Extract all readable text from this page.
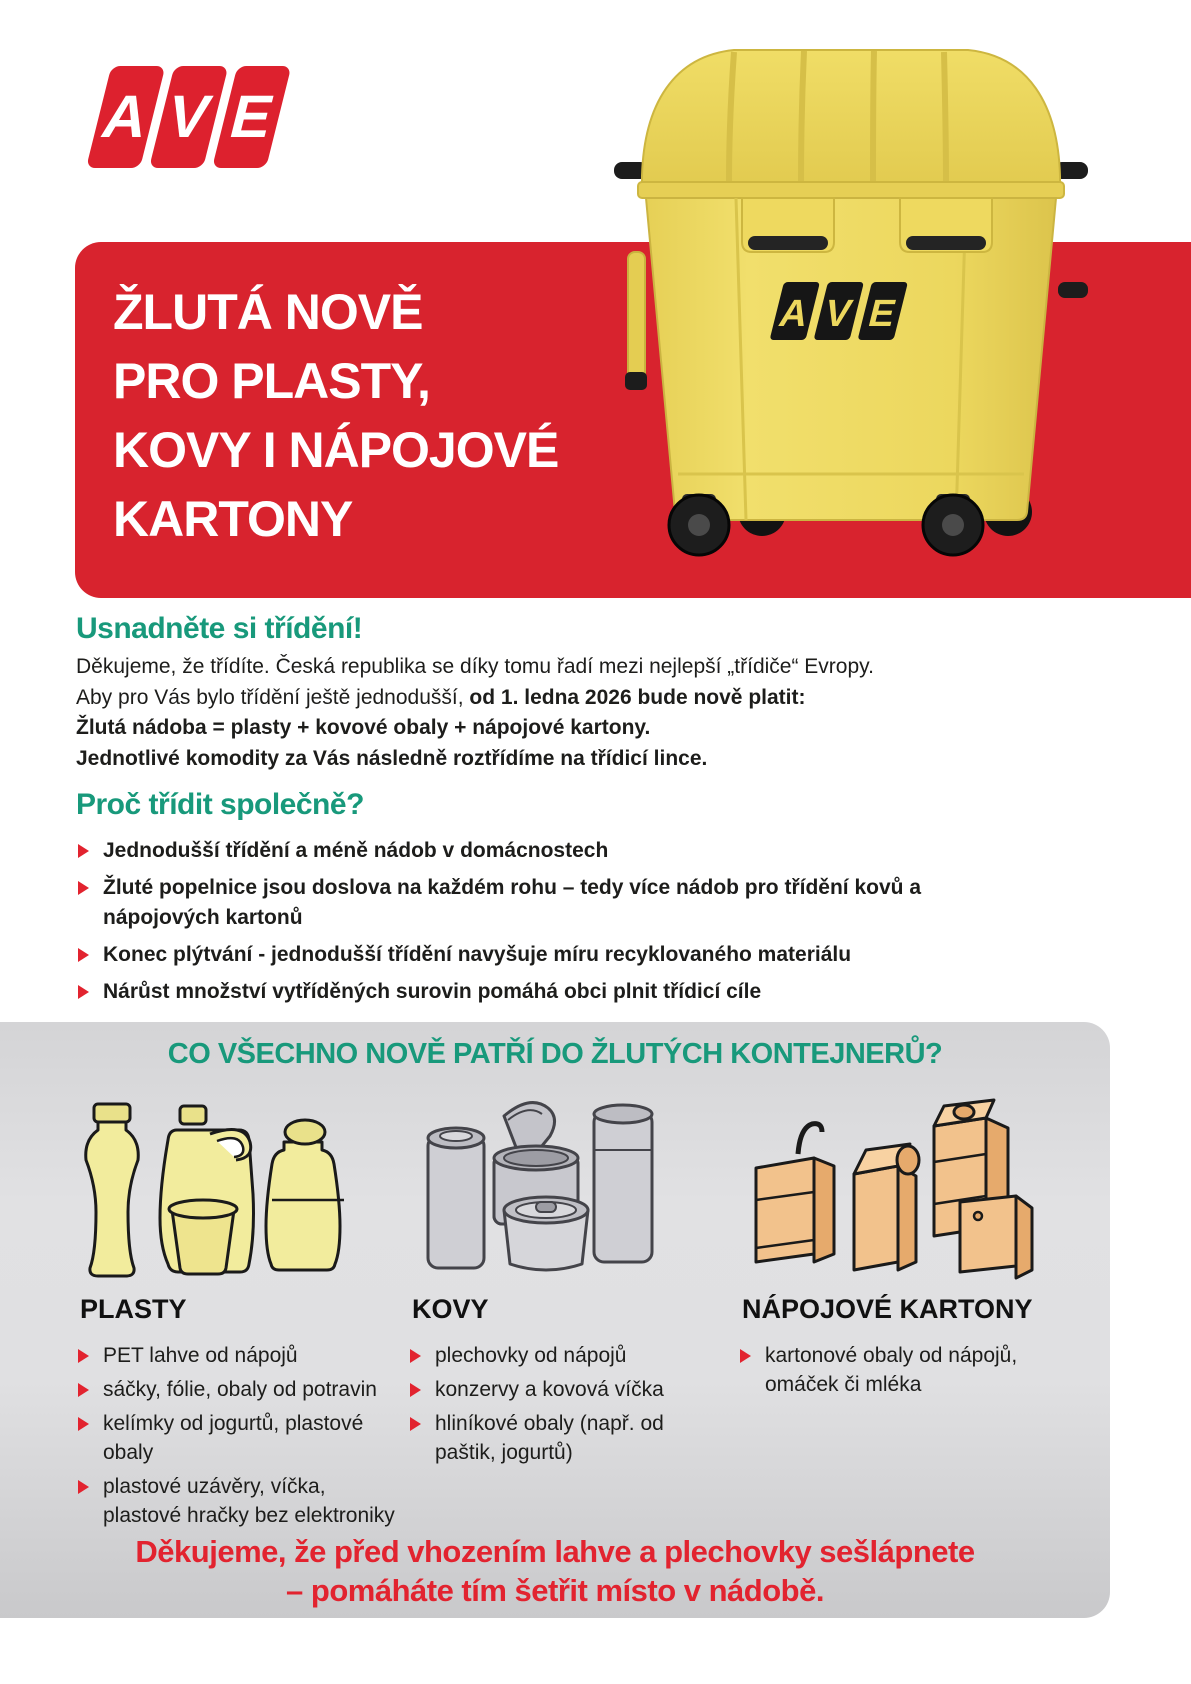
A V E
ŽLUTÁ NOVĚ
PRO PLASTY,
KOVY I NÁPOJOVÉ
KARTONY
A V E
Usnadněte si třídění!
Děkujeme, že třídíte. Česká republika se díky tomu řadí mezi nejlepší „třídiče“ Evropy.
Aby pro Vás bylo třídění ještě jednodušší, od 1. ledna 2026 bude nově platit:
Žlutá nádoba = plasty + kovové obaly + nápojové kartony.
Jednotlivé komodity za Vás následně roztřídíme na třídicí lince.
Proč třídit společně?
Jednodušší třídění a méně nádob v domácnostech
Žluté popelnice jsou doslova na každém rohu – tedy více nádob pro třídění kovů a nápojových kartonů
Konec plýtvání - jednodušší třídění navyšuje míru recyklovaného materiálu
Nárůst množství vytříděných surovin pomáhá obci plnit třídicí cíle
CO VŠECHNO NOVĚ PATŘÍ DO ŽLUTÝCH KONTEJNERŮ?
PLASTY
PET lahve od nápojů
sáčky, fólie, obaly od potravin
kelímky od jogurtů, plastové obaly
plastové uzávěry, víčka, plastové hračky bez elektroniky
KOVY
plechovky od nápojů
konzervy a kovová víčka
hliníkové obaly (např. od paštik, jogurtů)
NÁPOJOVÉ KARTONY
kartonové obaly od nápojů, omáček či mléka
Děkujeme, že před vhozením lahve a plechovky sešlápnete
– pomáháte tím šetřit místo v nádobě.
